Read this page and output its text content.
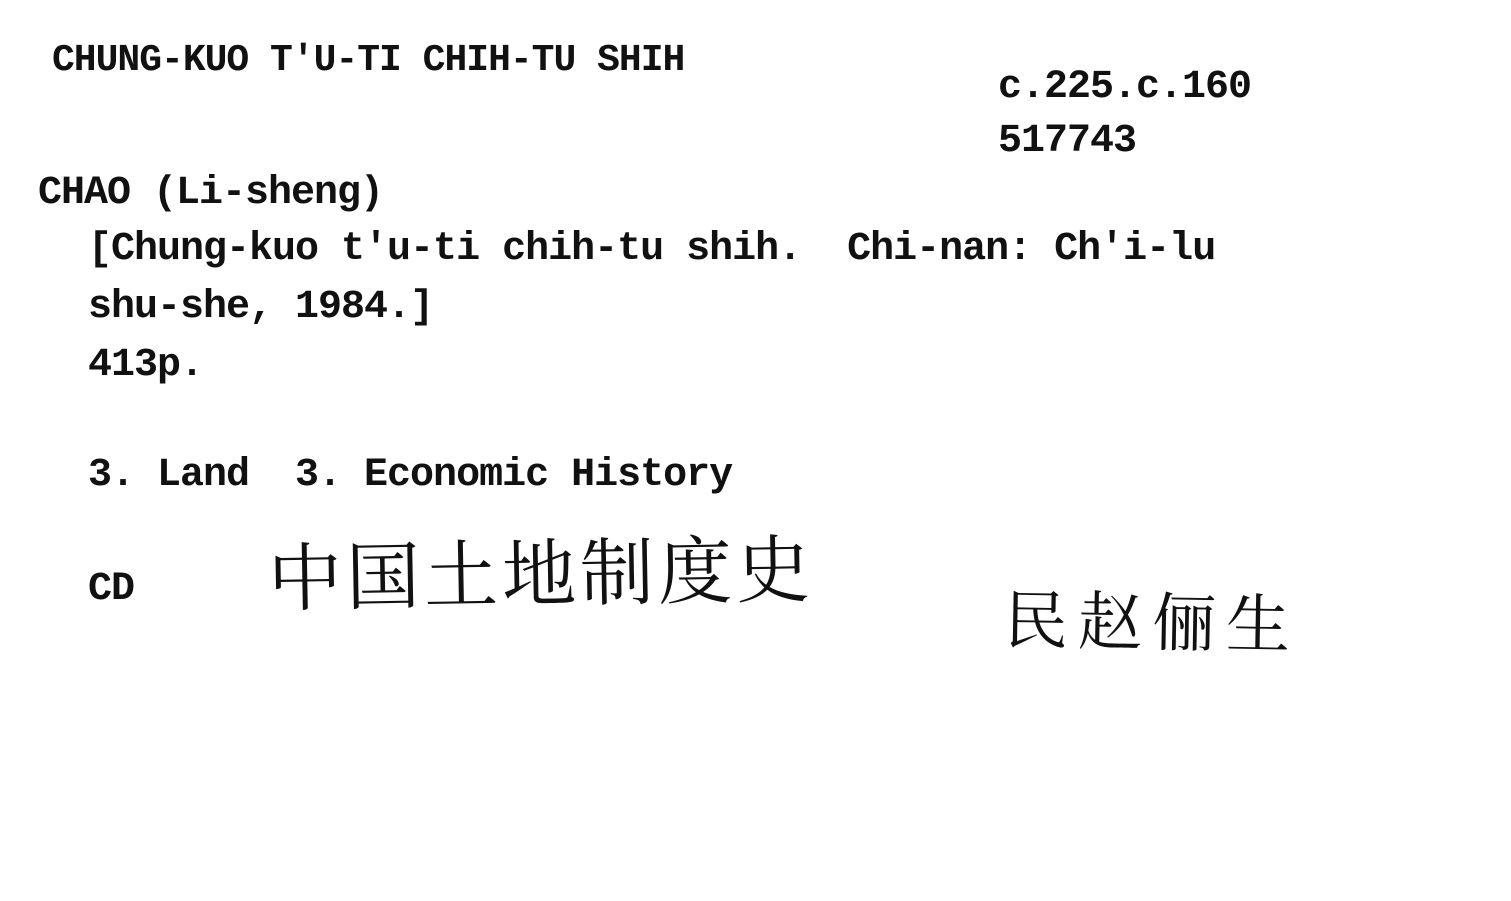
CHUNG-KUO T'U-TI CHIH-TU SHIH
c.225.c.160
517743
CHAO (Li-sheng)
[Chung-kuo t'u-ti chih-tu shih.  Chi-nan: Ch'i-lu
shu-she, 1984.]
413p.
3. Land  3. Economic History
CD 中国土地制度史
民赵俪生
